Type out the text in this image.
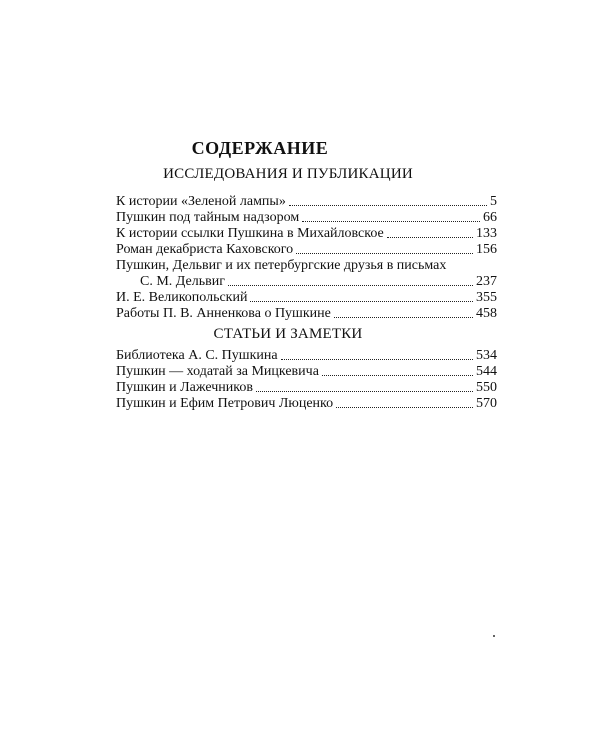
СОДЕРЖАНИЕ
ИССЛЕДОВАНИЯ И ПУБЛИКАЦИИ
К истории «Зеленой лампы»	5
Пушкин под тайным надзором	66
К истории ссылки Пушкина в Михайловское	133
Роман декабриста Каховского	156
Пушкин, Дельвиг и их петербургские друзья в письмах
С. М. Дельвиг	237
И. Е. Великопольский	355
Работы П. В. Анненкова о Пушкине	458
СТАТЬИ И ЗАМЕТКИ
Библиотека А. С. Пушкина	534
Пушкин — ходатай за Мицкевича	544
Пушкин и Лажечников	550
Пушкин и Ефим Петрович Люценко	570
